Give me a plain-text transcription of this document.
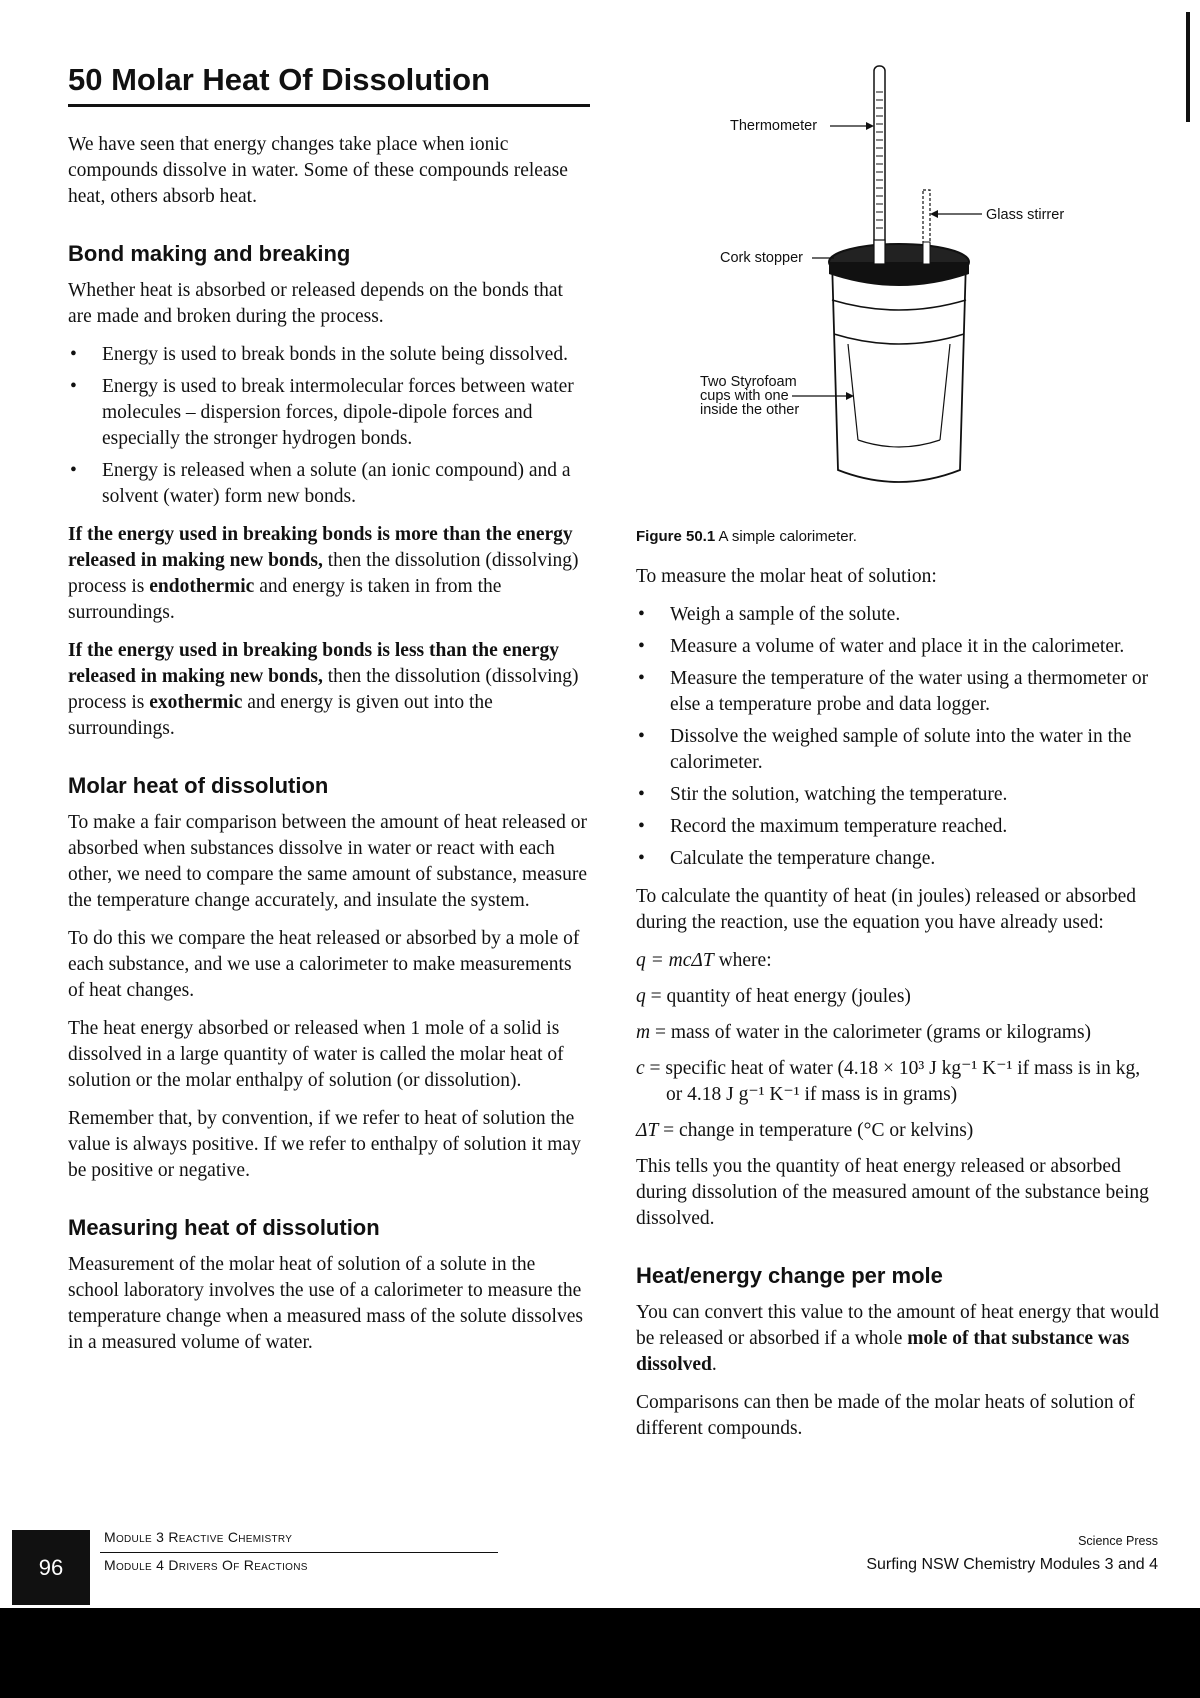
50 Molar Heat Of Dissolution

We have seen that energy changes take place when ionic compounds dissolve in water. Some of these compounds release heat, others absorb heat.

Bond making and breaking

Whether heat is absorbed or released depends on the bonds that are made and broken during the process.

• Energy is used to break bonds in the solute being dissolved.
• Energy is used to break intermolecular forces between water molecules – dispersion forces, dipole-dipole forces and especially the stronger hydrogen bonds.
• Energy is released when a solute (an ionic compound) and a solvent (water) form new bonds.

If the energy used in breaking bonds is more than the energy released in making new bonds, then the dissolution (dissolving) process is endothermic and energy is taken in from the surroundings.

If the energy used in breaking bonds is less than the energy released in making new bonds, then the dissolution (dissolving) process is exothermic and energy is given out into the surroundings.

Molar heat of dissolution

To make a fair comparison between the amount of heat released or absorbed when substances dissolve in water or react with each other, we need to compare the same amount of substance, measure the temperature change accurately, and insulate the system.

To do this we compare the heat released or absorbed by a mole of each substance, and we use a calorimeter to make measurements of heat changes.

The heat energy absorbed or released when 1 mole of a solid is dissolved in a large quantity of water is called the molar heat of solution or the molar enthalpy of solution (or dissolution).

Remember that, by convention, if we refer to heat of solution the value is always positive. If we refer to enthalpy of solution it may be positive or negative.

Measuring heat of dissolution

Measurement of the molar heat of solution of a solute in the school laboratory involves the use of a calorimeter to measure the temperature change when a measured mass of the solute dissolves in a measured volume of water.

Thermometer
Glass stirrer
Cork stopper
Two Styrofoam
cups with one
inside the other
Figure 50.1 A simple calorimeter.

To measure the molar heat of solution:

• Weigh a sample of the solute.
• Measure a volume of water and place it in the calorimeter.
• Measure the temperature of the water using a thermometer or else a temperature probe and data logger.
• Dissolve the weighed sample of solute into the water in the calorimeter.
• Stir the solution, watching the temperature.
• Record the maximum temperature reached.
• Calculate the temperature change.

To calculate the quantity of heat (in joules) released or absorbed during the reaction, use the equation you have already used:

q = mcΔT where:

q = quantity of heat energy (joules)

m = mass of water in the calorimeter (grams or kilograms)

c = specific heat of water (4.18 × 10³ J kg⁻¹ K⁻¹ if mass is in kg, or 4.18 J g⁻¹ K⁻¹ if mass is in grams)

ΔT = change in temperature (°C or kelvins)

This tells you the quantity of heat energy released or absorbed during dissolution of the measured amount of the substance being dissolved.

Heat/energy change per mole

You can convert this value to the amount of heat energy that would be released or absorbed if a whole mole of that substance was dissolved.

Comparisons can then be made of the molar heats of solution of different compounds.

96
Module 3 Reactive Chemistry
Module 4 Drivers Of Reactions
Science Press
Surfing NSW Chemistry Modules 3 and 4
